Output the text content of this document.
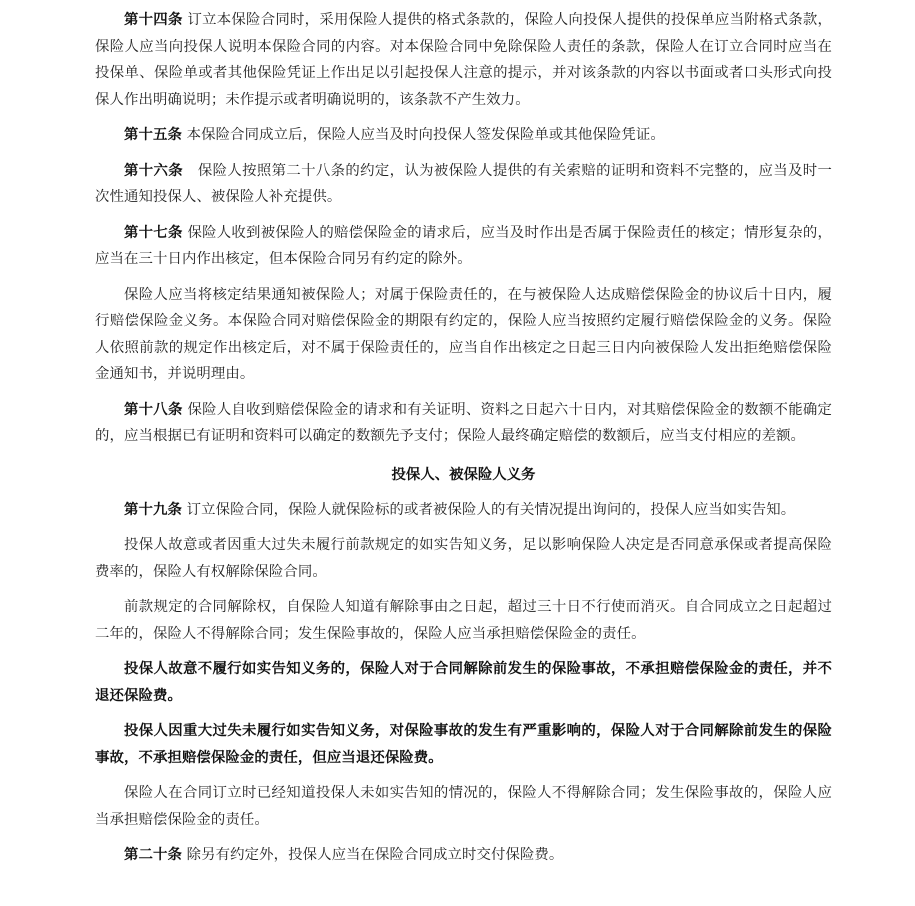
第十四条 订立本保险合同时，采用保险人提供的格式条款的，保险人向投保人提供的投保单应当附格式条款，保险人应当向投保人说明本保险合同的内容。对本保险合同中免除保险人责任的条款，保险人在订立合同时应当在投保单、保险单或者其他保险凭证上作出足以引起投保人注意的提示，并对该条款的内容以书面或者口头形式向投保人作出明确说明；未作提示或者明确说明的，该条款不产生效力。

第十五条 本保险合同成立后，保险人应当及时向投保人签发保险单或其他保险凭证。

第十六条 保险人按照第二十八条的约定，认为被保险人提供的有关索赔的证明和资料不完整的，应当及时一次性通知投保人、被保险人补充提供。

第十七条 保险人收到被保险人的赔偿保险金的请求后，应当及时作出是否属于保险责任的核定；情形复杂的，应当在三十日内作出核定，但本保险合同另有约定的除外。

保险人应当将核定结果通知被保险人；对属于保险责任的，在与被保险人达成赔偿保险金的协议后十日内，履行赔偿保险金义务。本保险合同对赔偿保险金的期限有约定的，保险人应当按照约定履行赔偿保险金的义务。保险人依照前款的规定作出核定后，对不属于保险责任的，应当自作出核定之日起三日内向被保险人发出拒绝赔偿保险金通知书，并说明理由。

第十八条 保险人自收到赔偿保险金的请求和有关证明、资料之日起六十日内，对其赔偿保险金的数额不能确定的，应当根据已有证明和资料可以确定的数额先予支付；保险人最终确定赔偿的数额后，应当支付相应的差额。

投保人、被保险人义务

第十九条 订立保险合同，保险人就保险标的或者被保险人的有关情况提出询问的，投保人应当如实告知。

投保人故意或者因重大过失未履行前款规定的如实告知义务，足以影响保险人决定是否同意承保或者提高保险费率的，保险人有权解除保险合同。

前款规定的合同解除权，自保险人知道有解除事由之日起，超过三十日不行使而消灭。自合同成立之日起超过二年的，保险人不得解除合同；发生保险事故的，保险人应当承担赔偿保险金的责任。

投保人故意不履行如实告知义务的，保险人对于合同解除前发生的保险事故，不承担赔偿保险金的责任，并不退还保险费。

投保人因重大过失未履行如实告知义务，对保险事故的发生有严重影响的，保险人对于合同解除前发生的保险事故，不承担赔偿保险金的责任，但应当退还保险费。

保险人在合同订立时已经知道投保人未如实告知的情况的，保险人不得解除合同；发生保险事故的，保险人应当承担赔偿保险金的责任。

第二十条 除另有约定外，投保人应当在保险合同成立时交付保险费。
